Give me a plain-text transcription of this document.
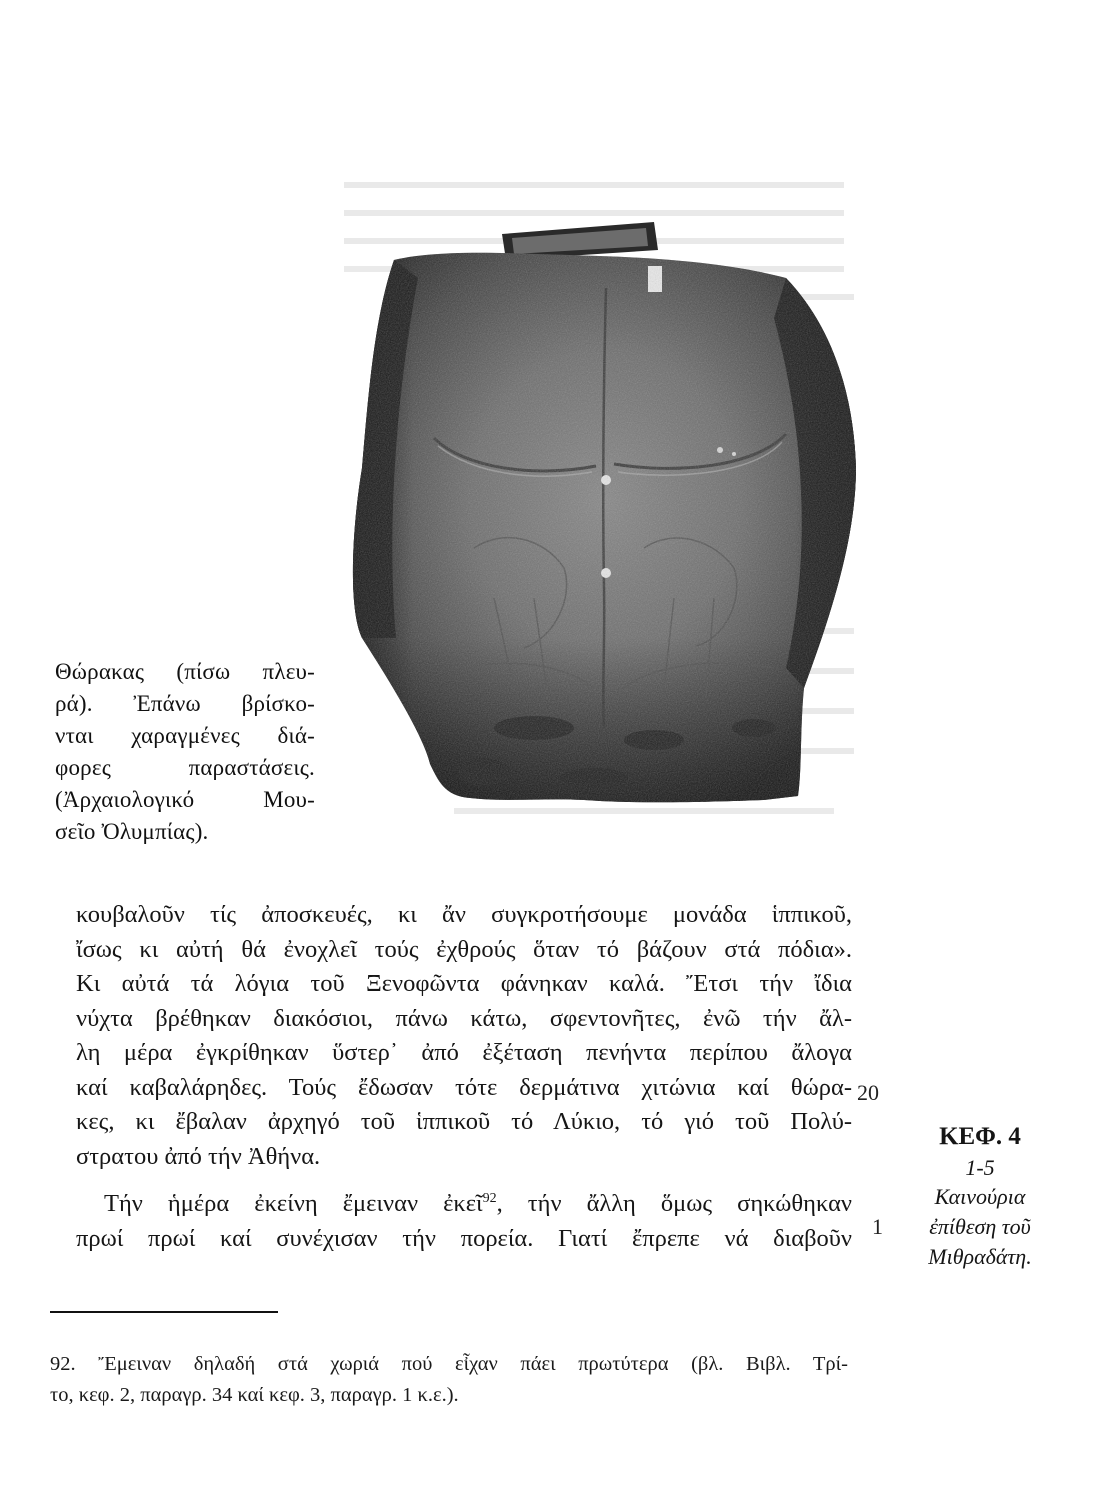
Θώρακας (πίσω πλευ-
ρά). Ἐπάνω βρίσκο-
νται χαραγμένες διά-
φορες παραστάσεις.
(Ἀρχαιολογικό Μου-
σεῖο Ὀλυμπίας).
κουβαλοῦν τίς ἀποσκευές, κι ἄν συγκροτήσουμε μονάδα ἱππικοῦ,
ἴσως κι αὐτή θά ἐνοχλεῖ τούς ἐχθρούς ὅταν τό βάζουν στά πόδια».
Κι αὐτά τά λόγια τοῦ Ξενοφῶντα φάνηκαν καλά. Ἔτσι τήν ἴδια
νύχτα βρέθηκαν διακόσιοι, πάνω κάτω, σφεντονῆτες, ἐνῶ τήν ἄλ-
λη μέρα ἐγκρίθηκαν ὕστερ᾽ ἀπό ἐξέταση πενήντα περίπου ἄλογα
καί καβαλάρηδες. Τούς ἔδωσαν τότε δερμάτινα χιτώνια καί θώρα-
κες, κι ἔβαλαν ἀρχηγό τοῦ ἱππικοῦ τό Λύκιο, τό γιό τοῦ Πολύ-
στρατου ἀπό τήν Ἀθήνα.
Τήν ἡμέρα ἐκείνη ἔμειναν ἐκεῖ$^{92}$, τήν ἄλλη ὅμως σηκώθηκαν
πρωί πρωί καί συνέχισαν τήν πορεία. Γιατί ἔπρεπε νά διαβοῦν
20
1
ΚΕΦ. 4
1-5
Καινούρια
ἐπίθεση τοῦ
Μιθραδάτη.
92. Ἔμειναν δηλαδή στά χωριά πού εἶχαν πάει πρωτύτερα (βλ. Βιβλ. Τρί-
το, κεφ. 2, παραγρ. 34 καί κεφ. 3, παραγρ. 1 κ.ε.).
